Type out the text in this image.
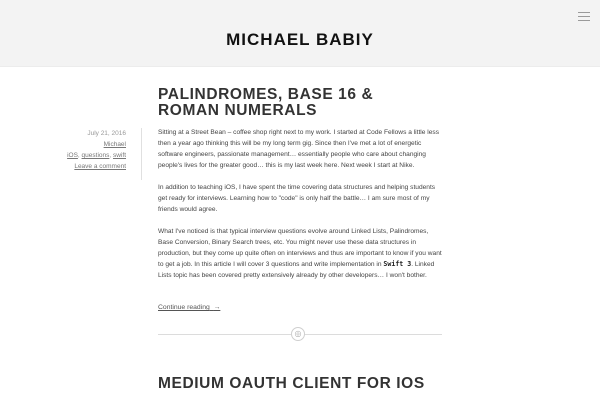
MICHAEL BABIY
PALINDROMES, BASE 16 & ROMAN NUMERALS
July 21, 2016
Michael
iOS, questions, swift
Leave a comment

Sitting at a Street Bean – coffee shop right next to my work. I started at Code Fellows a little less then a year ago thinking this will be my long term gig. Since then I've met a lot of energetic software engineers, passionate management… essentially people who care about changing people's lives for the greater good… this is my last week here. Next week I start at Nike.

In addition to teaching iOS, I have spent the time covering data structures and helping students get ready for interviews. Learning how to "code" is only half the battle… I am sure most of my friends would agree.

What I've noticed is that typical interview questions evolve around Linked Lists, Palindromes, Base Conversion, Binary Search trees, etc. You might never use these data structures in production, but they come up quite often on interviews and thus are important to know if you want to get a job. In this article I will cover 3 questions and write implementation in Swift 3. Linked Lists topic has been covered pretty extensively already by other developers… I won't bother.

Continue reading →
◎
MEDIUM OAUTH CLIENT FOR IOS
